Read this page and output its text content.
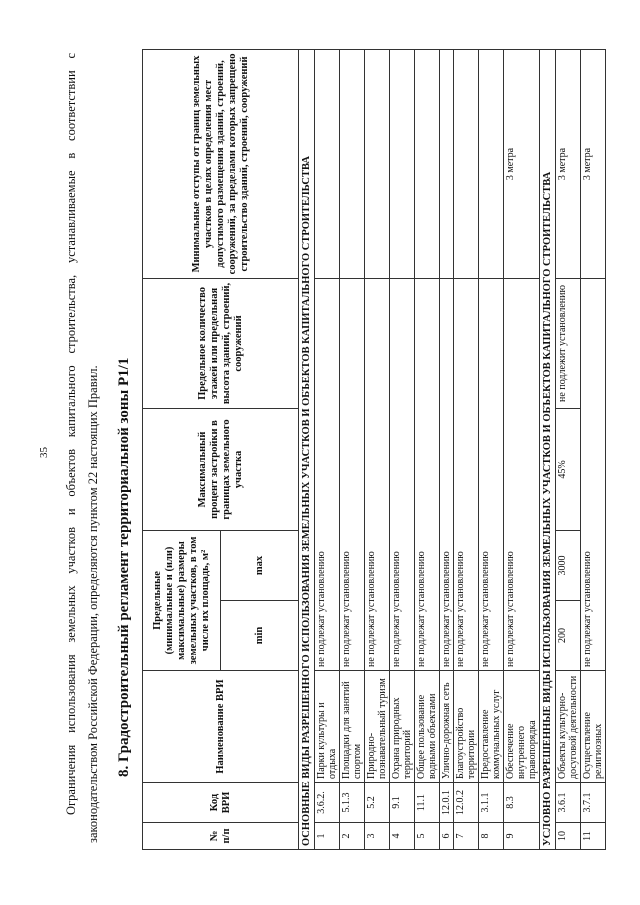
35	Ограничения использования земельных участков и объектов капитального строительства, устанавливаемые в соответствии с законодательством Российской Федерации, определяются пунктом 22 настоящих Правил. 8. Градостроительный регламент территориальной зоны Р1/1
№ п/п	Код ВРИ	Наименование ВРИ	Предельные (минимальные и (или) максимальные) размеры земельных участков, в том числе их площадь, м²		Максимальный процент застройки в границах земельного участка	Предельное количество этажей или предельная высота зданий, строений, сооружений	Минимальные отступы от границ земельных участков в целях определения мест допустимого размещения зданий, строений, сооружений, за пределами которых запрещено строительство зданий, строений, сооружений
			min	max			
ОСНОВНЫЕ ВИДЫ РАЗРЕШЕННОГО ИСПОЛЬЗОВАНИЯ ЗЕМЕЛЬНЫХ УЧАСТКОВ И ОБЪЕКТОВ КАПИТАЛЬНОГО СТРОИТЕЛЬСТВА							
1	3.6.2.	Парки культуры и отдыха	не подлежат установлению				
2	5.1.3	Площадки для занятий спортом	не подлежат установлению				
3	5.2	Природно-познавательный туризм	не подлежат установлению				
4	9.1	Охрана природных территорий	не подлежат установлению				
5	11.1	Общее пользование водными объектами	не подлежат установлению				
6	12.0.1	Улично-дорожная сеть	не подлежат установлению				
7	12.0.2	Благоустройство территории	не подлежат установлению				
8	3.1.1	Предоставление коммунальных услуг	не подлежат установлению				
9	8.3	Обеспечение внутреннего правопорядка	не подлежат установлению				3 метра
УСЛОВНО РАЗРЕШЕННЫЕ ВИДЫ ИСПОЛЬЗОВАНИЯ ЗЕМЕЛЬНЫХ УЧАСТКОВ И ОБЪЕКТОВ КАПИТАЛЬНОГО СТРОИТЕЛЬСТВА							
10	3.6.1	Объекты культурно-досуговой деятельности	200	3000	45%	не подлежит установлению	3 метра
11	3.7.1	Осуществление религиозных	не подлежат установлению				3 метра
